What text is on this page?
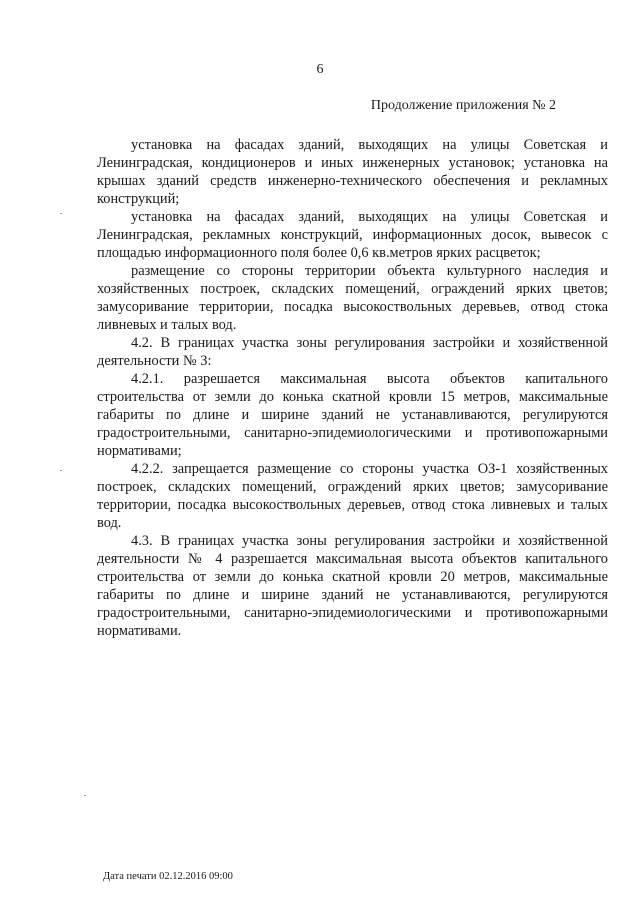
6
Продолжение приложения № 2

установка на фасадах зданий, выходящих на улицы Советская и Ленинградская, кондиционеров и иных инженерных установок; установка на крышах зданий средств инженерно-технического обеспечения и рекламных конструкций;

установка на фасадах зданий, выходящих на улицы Советская и Ленинградская, рекламных конструкций, информационных досок, вывесок с площадью информационного поля более 0,6 кв.метров ярких расцветок;

размещение со стороны территории объекта культурного наследия и хозяйственных построек, складских помещений, ограждений ярких цветов; замусоривание территории, посадка высокоствольных деревьев, отвод стока ливневых и талых вод.

4.2. В границах участка зоны регулирования застройки и хозяйственной деятельности № 3:

4.2.1. разрешается максимальная высота объектов капитального строительства от земли до конька скатной кровли 15 метров, максимальные габариты по длине и ширине зданий не устанавливаются, регулируются градостроительными, санитарно-эпидемиологическими и противопожарными нормативами;

4.2.2. запрещается размещение со стороны участка ОЗ-1 хозяйственных построек, складских помещений, ограждений ярких цветов; замусоривание территории, посадка высокоствольных деревьев, отвод стока ливневых и талых вод.

4.3. В границах участка зоны регулирования застройки и хозяйственной деятельности № 4 разрешается максимальная высота объектов капитального строительства от земли до конька скатной кровли 20 метров, максимальные габариты по длине и ширине зданий не устанавливаются, регулируются градостроительными, санитарно-эпидемиологическими и противопожарными нормативами.

Дата печати 02.12.2016 09:00
